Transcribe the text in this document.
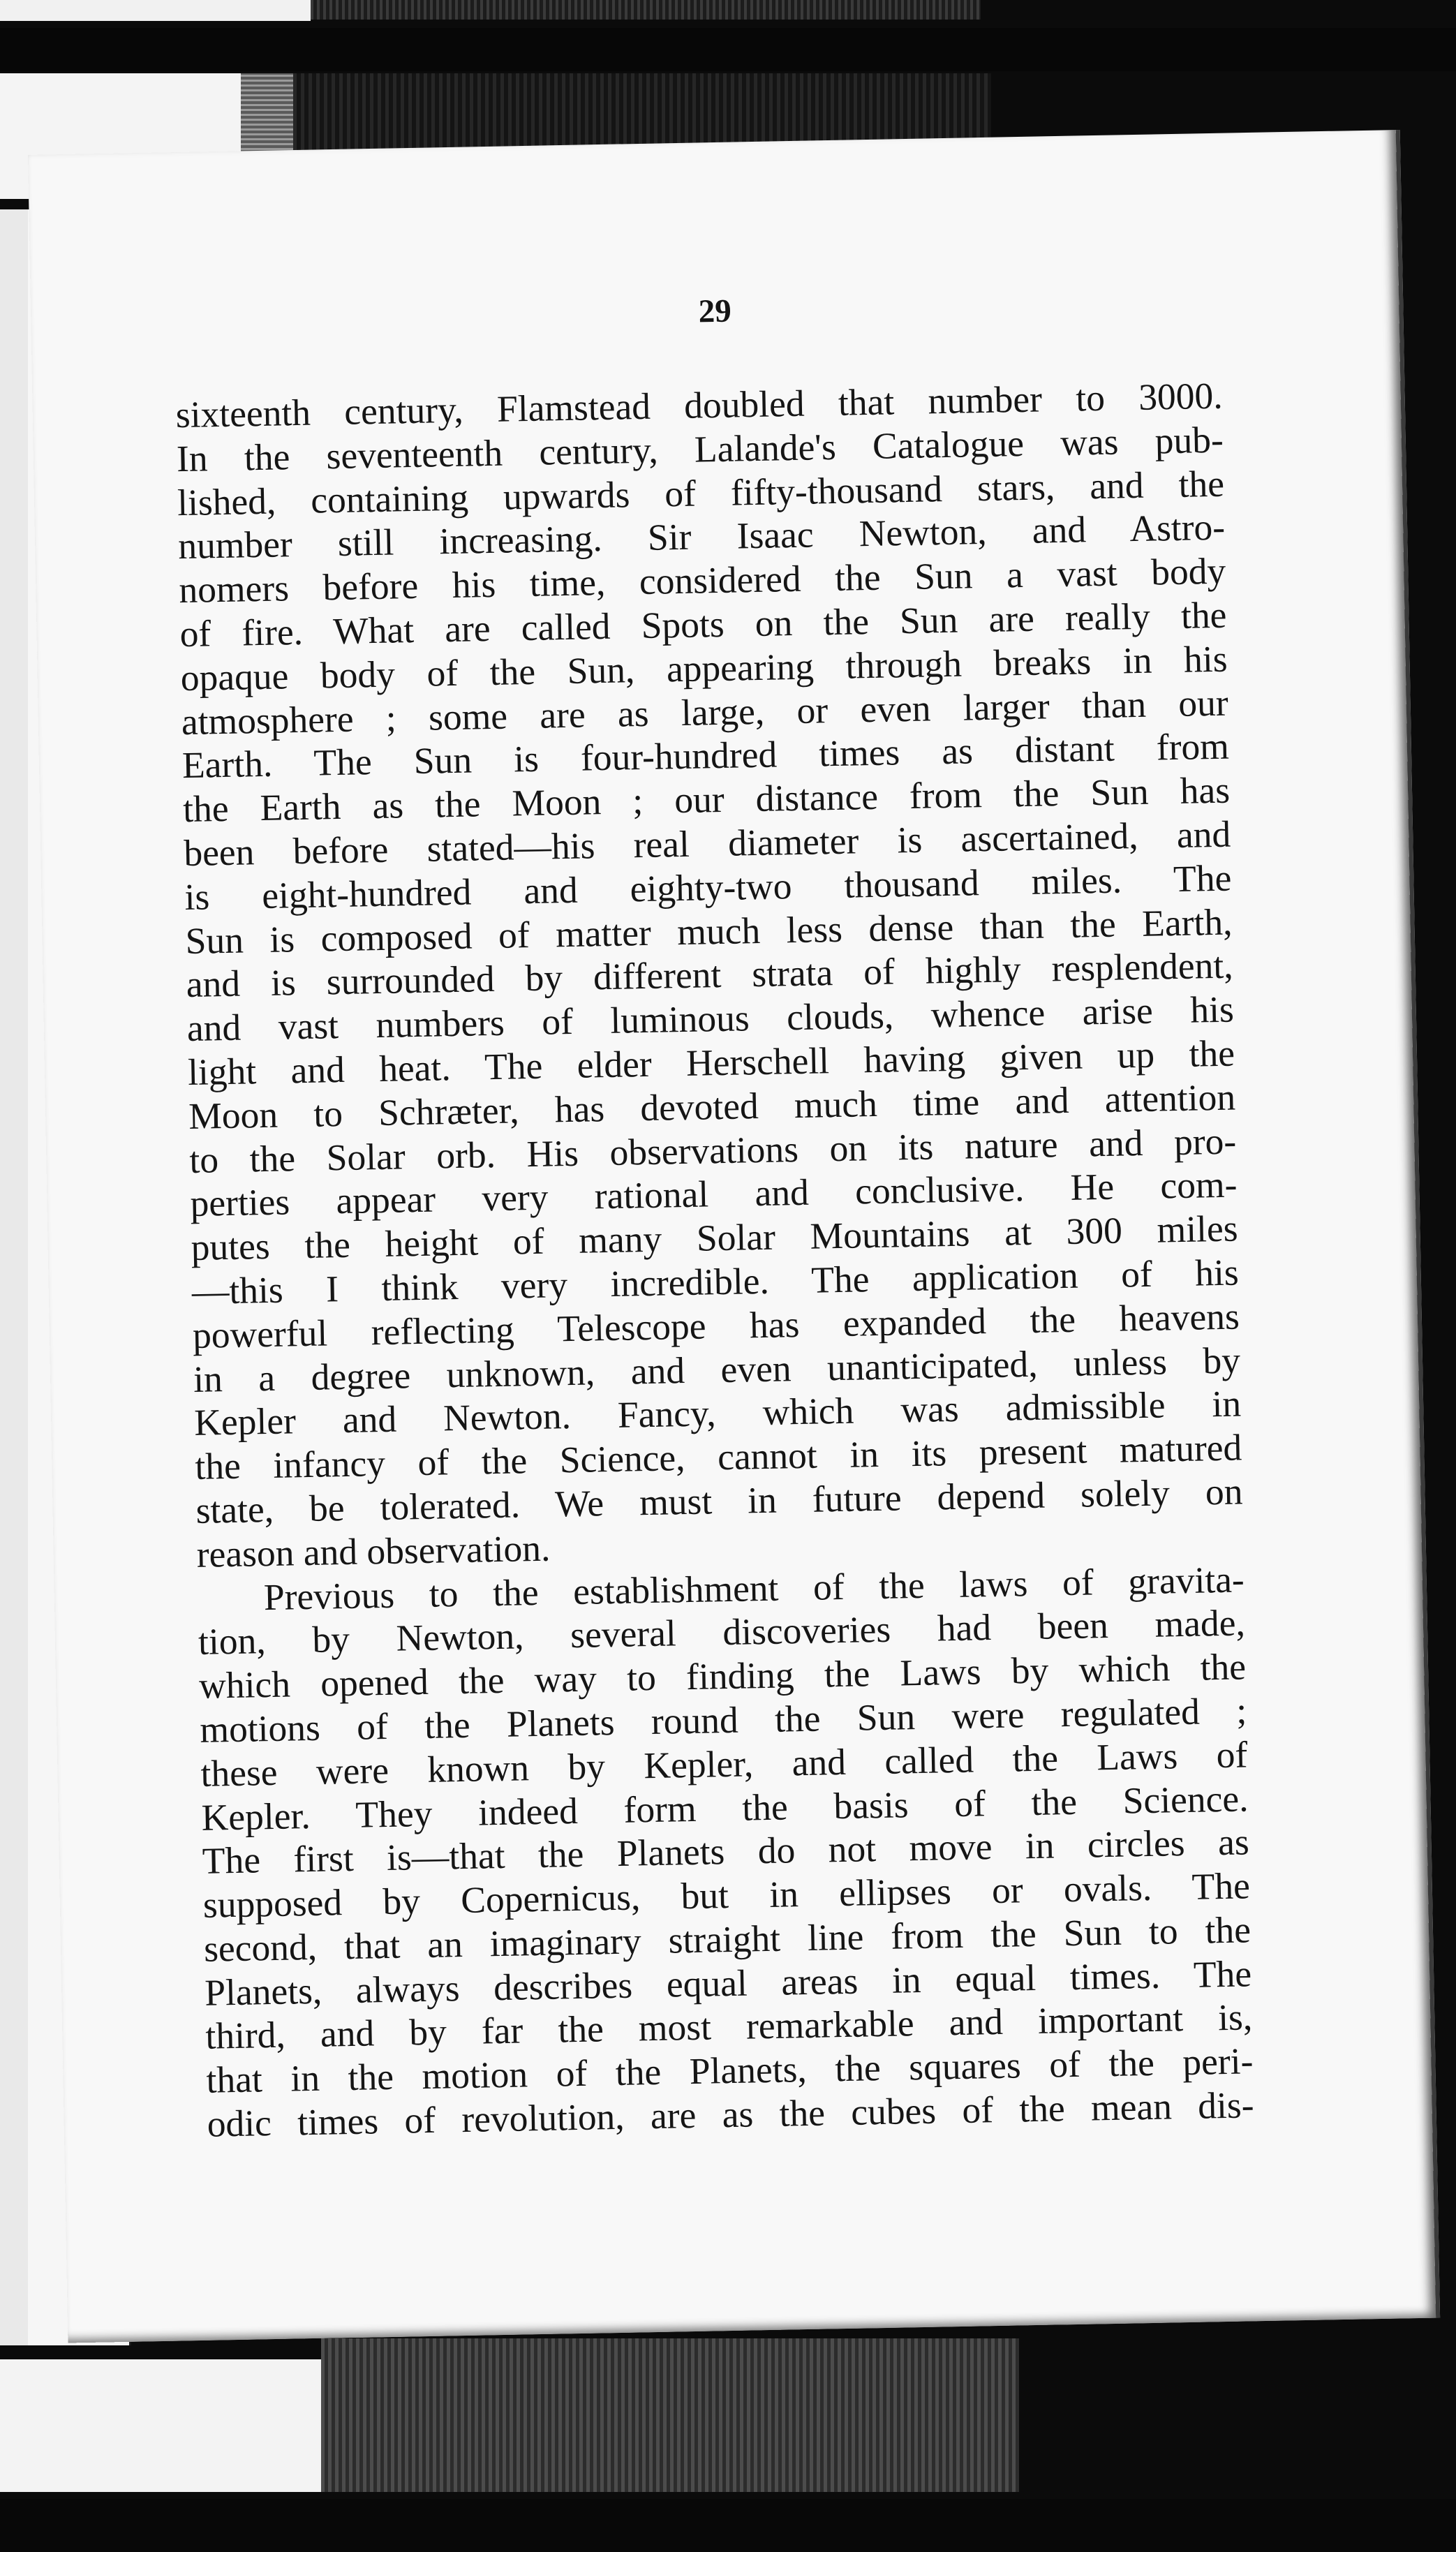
29
sixteenth century, Flamstead doubled that number to 3000.
In the seventeenth century, Lalande's Catalogue was pub-
lished, containing upwards of fifty-thousand stars, and the
number still increasing. Sir Isaac Newton, and Astro-
nomers before his time, considered the Sun a vast body
of fire. What are called Spots on the Sun are really the
opaque body of the Sun, appearing through breaks in his
atmosphere ; some are as large, or even larger than our
Earth. The Sun is four-hundred times as distant from
the Earth as the Moon ; our distance from the Sun has
been before stated—his real diameter is ascertained, and
is eight-hundred and eighty-two thousand miles. The
Sun is composed of matter much less dense than the Earth,
and is surrounded by different strata of highly resplendent,
and vast numbers of luminous clouds, whence arise his
light and heat. The elder Herschell having given up the
Moon to Schræter, has devoted much time and attention
to the Solar orb. His observations on its nature and pro-
perties appear very rational and conclusive. He com-
putes the height of many Solar Mountains at 300 miles
—this I think very incredible. The application of his
powerful reflecting Telescope has expanded the heavens
in a degree unknown, and even unanticipated, unless by
Kepler and Newton. Fancy, which was admissible in
the infancy of the Science, cannot in its present matured
state, be tolerated. We must in future depend solely on
reason and observation.
Previous to the establishment of the laws of gravita-
tion, by Newton, several discoveries had been made,
which opened the way to finding the Laws by which the
motions of the Planets round the Sun were regulated ;
these were known by Kepler, and called the Laws of
Kepler. They indeed form the basis of the Science.
The first is—that the Planets do not move in circles as
supposed by Copernicus, but in ellipses or ovals. The
second, that an imaginary straight line from the Sun to the
Planets, always describes equal areas in equal times. The
third, and by far the most remarkable and important is,
that in the motion of the Planets, the squares of the peri-
odic times of revolution, are as the cubes of the mean dis-
